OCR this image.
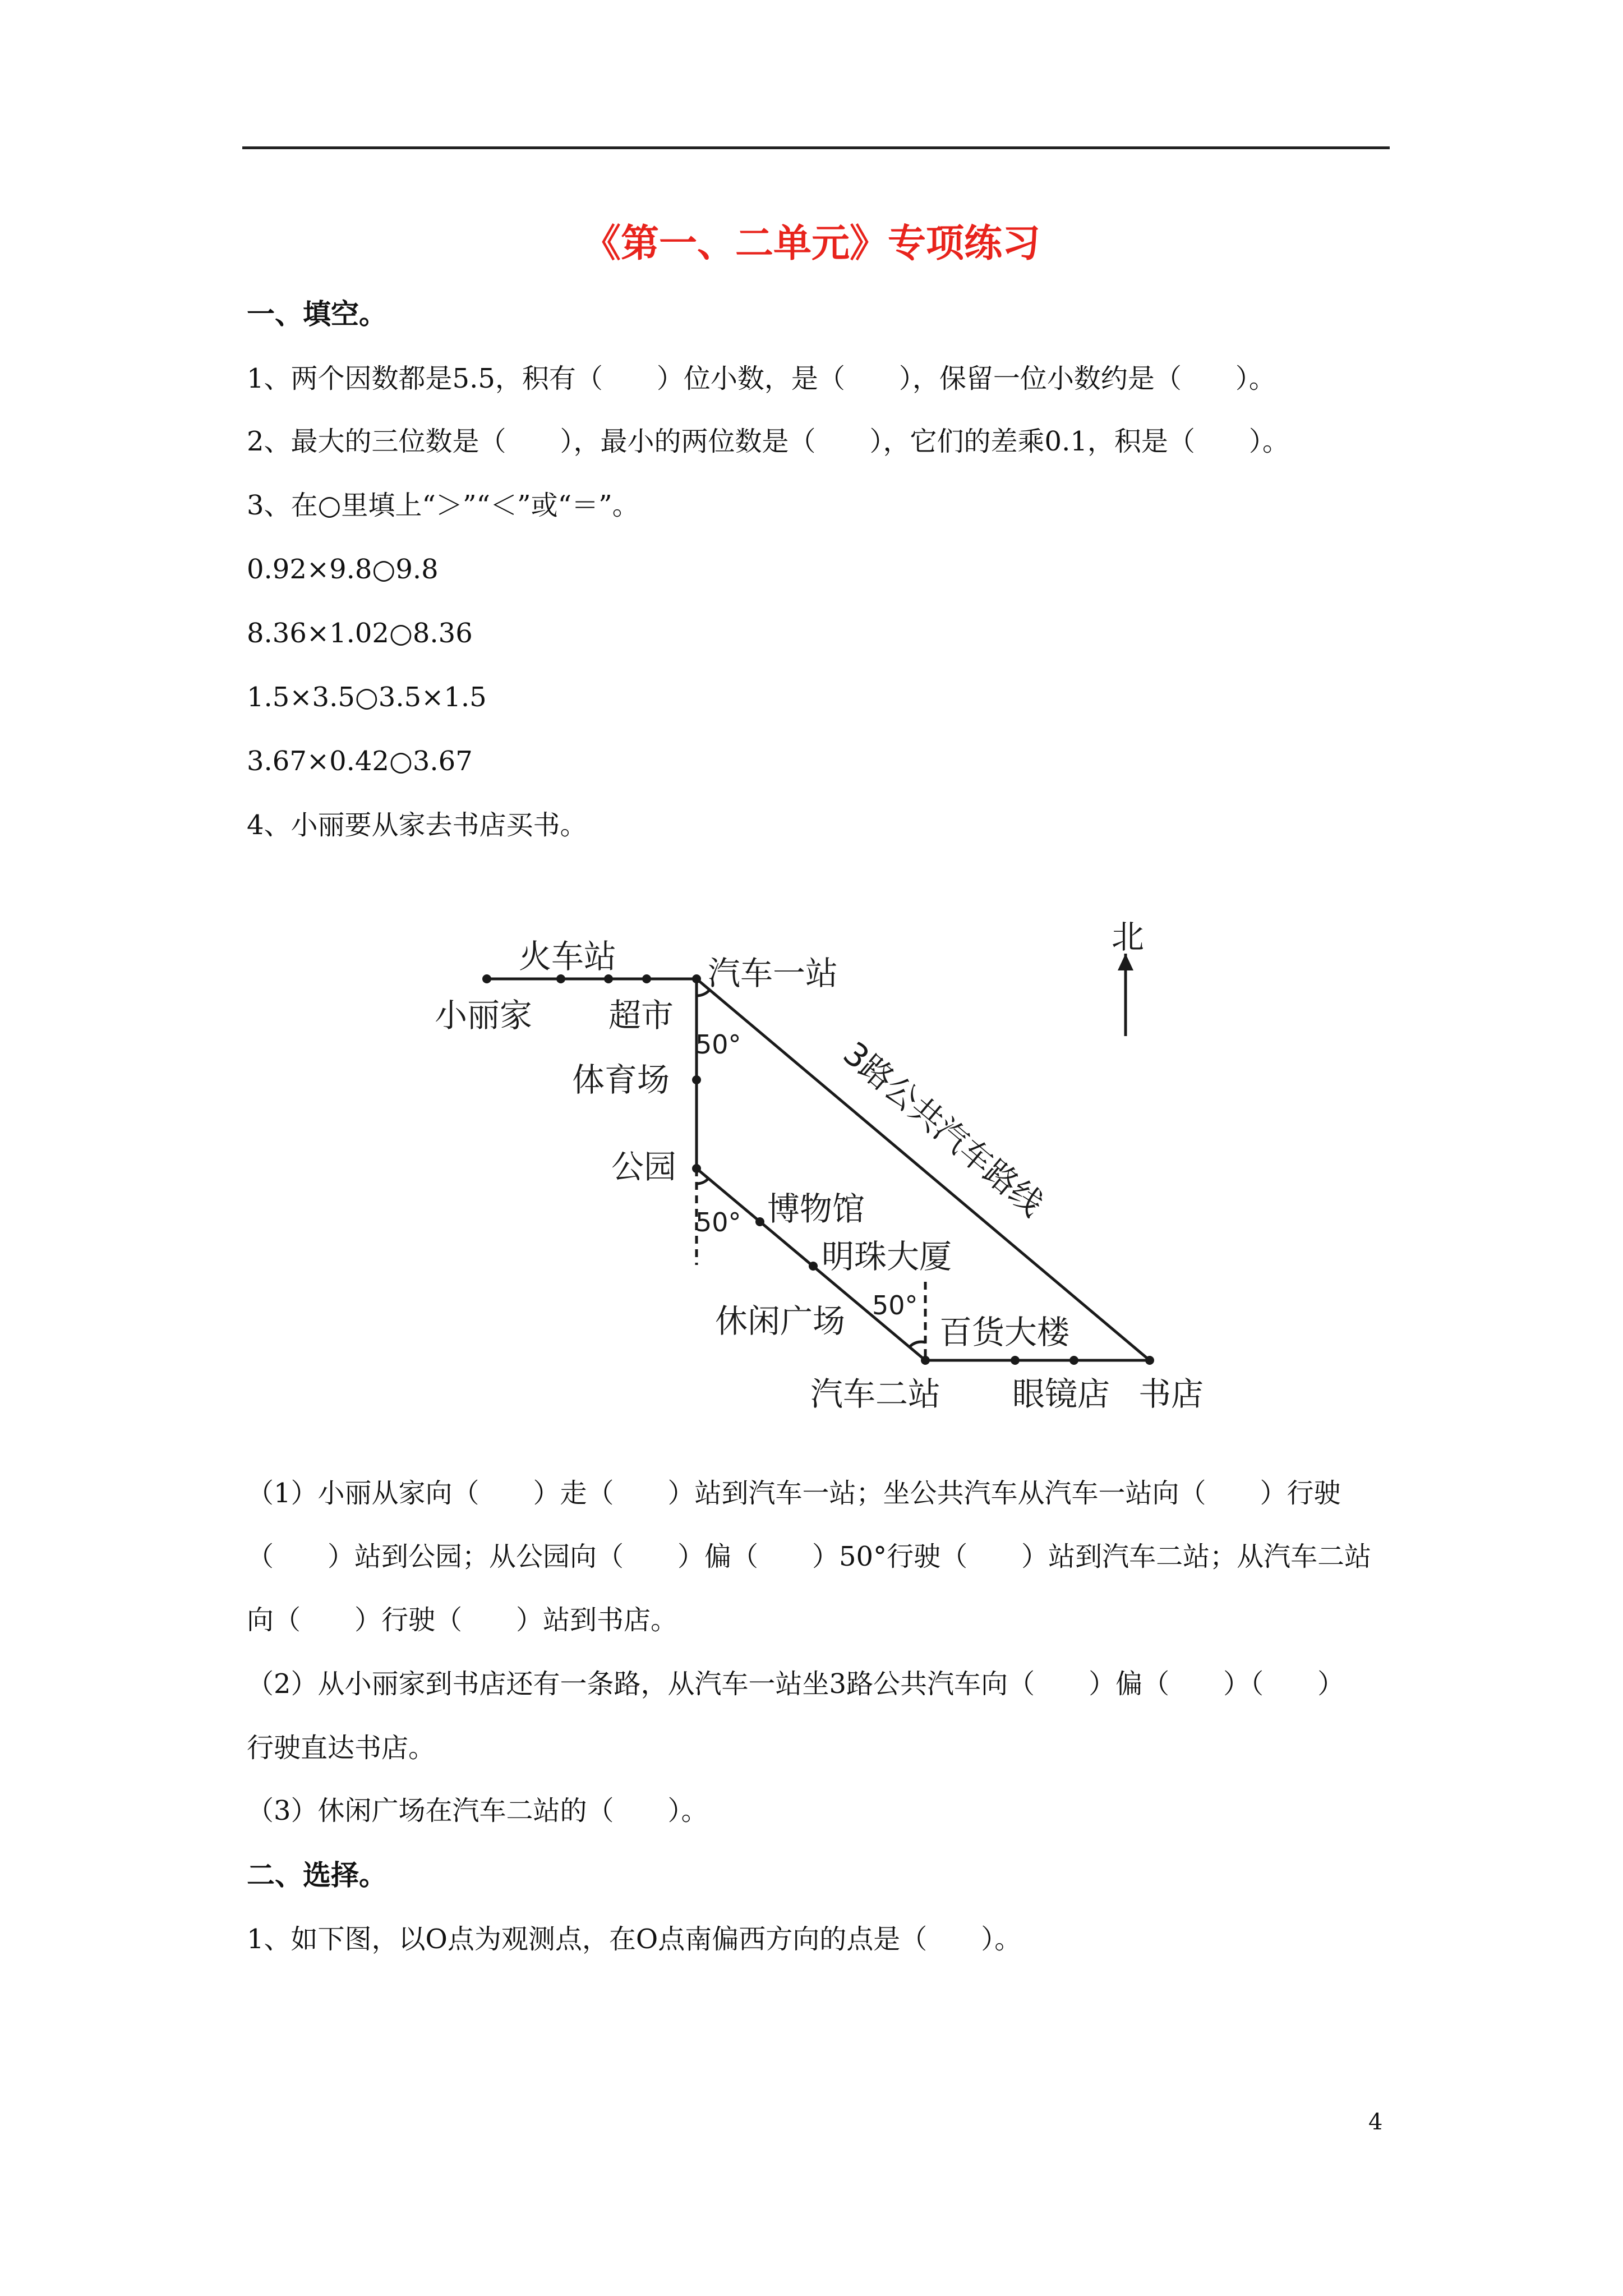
《第一、二单元》专项练习
一、填空。
1、两个因数都是5.5，积有（　　）位小数，是（　　），保留一位小数约是（　　）。
2、最大的三位数是（　　），最小的两位数是（　　），它们的差乘0.1，积是（　　）。
3、在○里填上“＞”“＜”或“＝”。
0.92×9.8○9.8
8.36×1.02○8.36
1.5×3.5○3.5×1.5
3.67×0.42○3.67
4、小丽要从家去书店买书。
北
火车站	汽车一站
小丽家 超市
50°
体育场
公园
博物馆
50°
明珠大厦
休闲广场 50°
百货大楼
汽车二站 眼镜店 书店
3路公共汽车路线
（1）小丽从家向（　　）走（　　）站到汽车一站；坐公共汽车从汽车一站向（　　）行驶
（　　）站到公园；从公园向（　　）偏（　　）50°行驶（　　）站到汽车二站；从汽车二站
向（　　）行驶（　　）站到书店。
（2）从小丽家到书店还有一条路，从汽车一站坐3路公共汽车向（　　）偏（　　）（　　）
行驶直达书店。
（3）休闲广场在汽车二站的（　　）。
二、选择。
1、如下图，以O点为观测点，在O点南偏西方向的点是（　　）。
4
